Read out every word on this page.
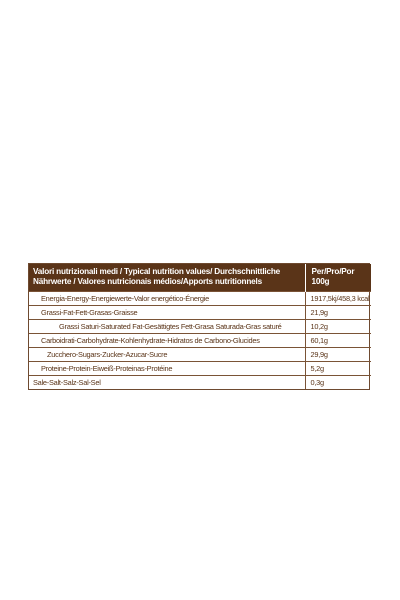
Valori nutrizionali medi / Typical nutrition values/ Durchschnittliche
Nährwerte / Valores nutricionais médios/Apports nutritionnels	Per/Pro/Por 100g
Energia-Energy-Energiewerte-Valor energético-Énergie	1917,5kj/458,3 kcal
Grassi-Fat-Fett-Grasas-Graisse	21,9g
Grassi Saturi-Saturated Fat-Gesättigtes Fett-Grasa Saturada-Gras saturé	10,2g
Carboidrati-Carbohydrate-Kohlenhydrate-Hidratos de Carbono-Glucides	60,1g
Zucchero-Sugars-Zucker-Azucar-Sucre	29,9g
Proteine-Protein-Eiweiß-Proteinas-Protéine	5,2g
Sale-Salt-Salz-Sal-Sel	0,3g
